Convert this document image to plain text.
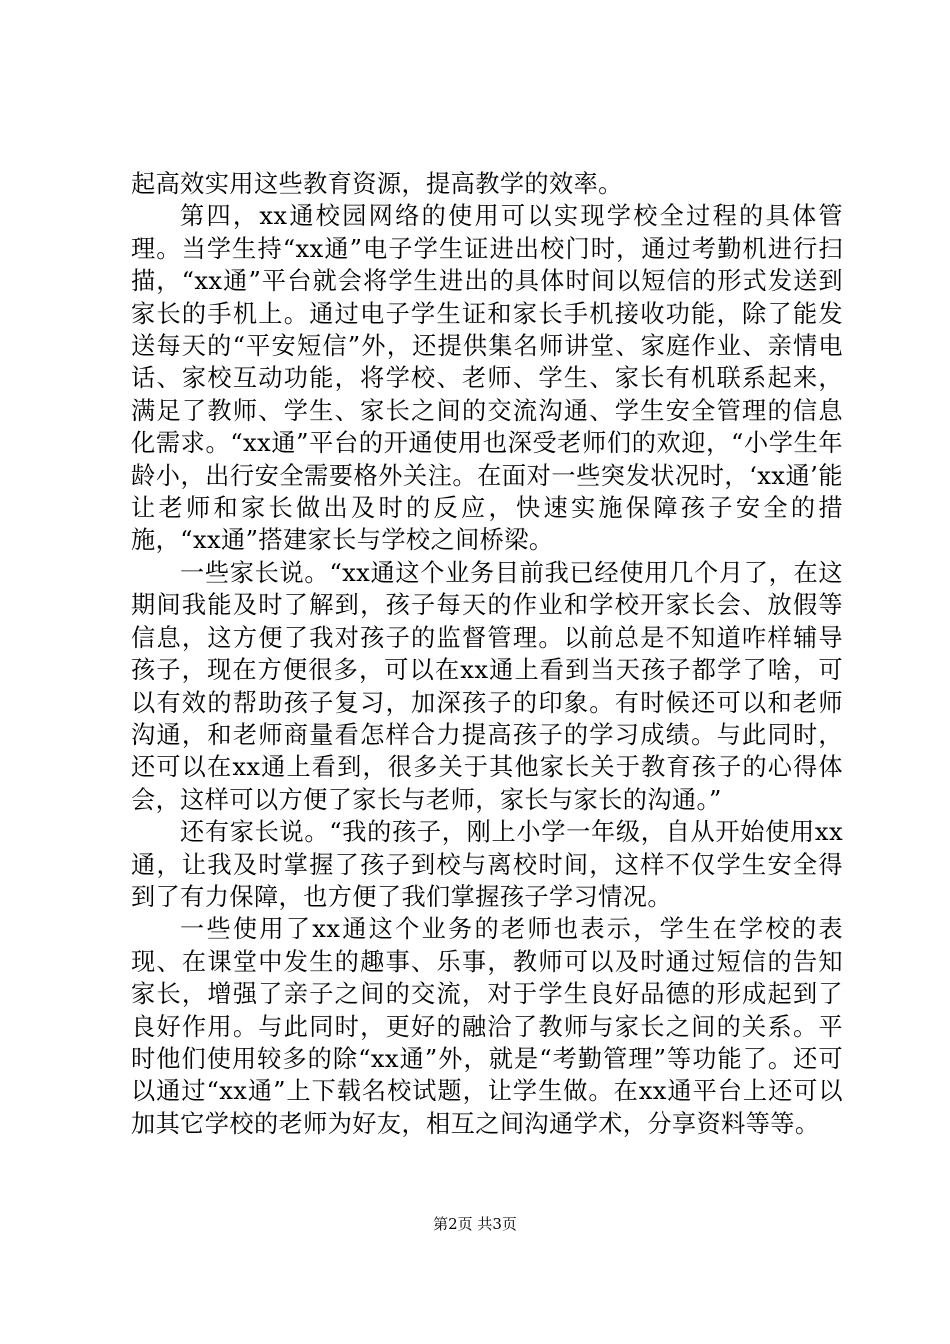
起高效实用这些教育资源，提高教学的效率。

第四，xx通校园网络的使用可以实现学校全过程的具体管理。当学生持“xx通”电子学生证进出校门时，通过考勤机进行扫描，“xx通”平台就会将学生进出的具体时间以短信的形式发送到家长的手机上。通过电子学生证和家长手机接收功能，除了能发送每天的“平安短信”外，还提供集名师讲堂、家庭作业、亲情电话、家校互动功能，将学校、老师、学生、家长有机联系起来，满足了教师、学生、家长之间的交流沟通、学生安全管理的信息化需求。“xx通”平台的开通使用也深受老师们的欢迎，“小学生年龄小，出行安全需要格外关注。在面对一些突发状况时，‘xx通’能让老师和家长做出及时的反应，快速实施保障孩子安全的措施，“xx通”搭建家长与学校之间桥梁。

一些家长说。“xx通这个业务目前我已经使用几个月了，在这期间我能及时了解到，孩子每天的作业和学校开家长会、放假等信息，这方便了我对孩子的监督管理。以前总是不知道咋样辅导孩子，现在方便很多，可以在xx通上看到当天孩子都学了啥，可以有效的帮助孩子复习，加深孩子的印象。有时候还可以和老师沟通，和老师商量看怎样合力提高孩子的学习成绩。与此同时，还可以在xx通上看到，很多关于其他家长关于教育孩子的心得体会，这样可以方便了家长与老师，家长与家长的沟通。”

还有家长说。“我的孩子，刚上小学一年级，自从开始使用xx通，让我及时掌握了孩子到校与离校时间，这样不仅学生安全得到了有力保障，也方便了我们掌握孩子学习情况。

一些使用了xx通这个业务的老师也表示，学生在学校的表现、在课堂中发生的趣事、乐事，教师可以及时通过短信的告知家长，增强了亲子之间的交流，对于学生良好品德的形成起到了良好作用。与此同时，更好的融洽了教师与家长之间的关系。平时他们使用较多的除“xx通”外，就是“考勤管理”等功能了。还可以通过“xx通”上下载名校试题，让学生做。在xx通平台上还可以加其它学校的老师为好友，相互之间沟通学术，分享资料等等。

第2页 共3页
